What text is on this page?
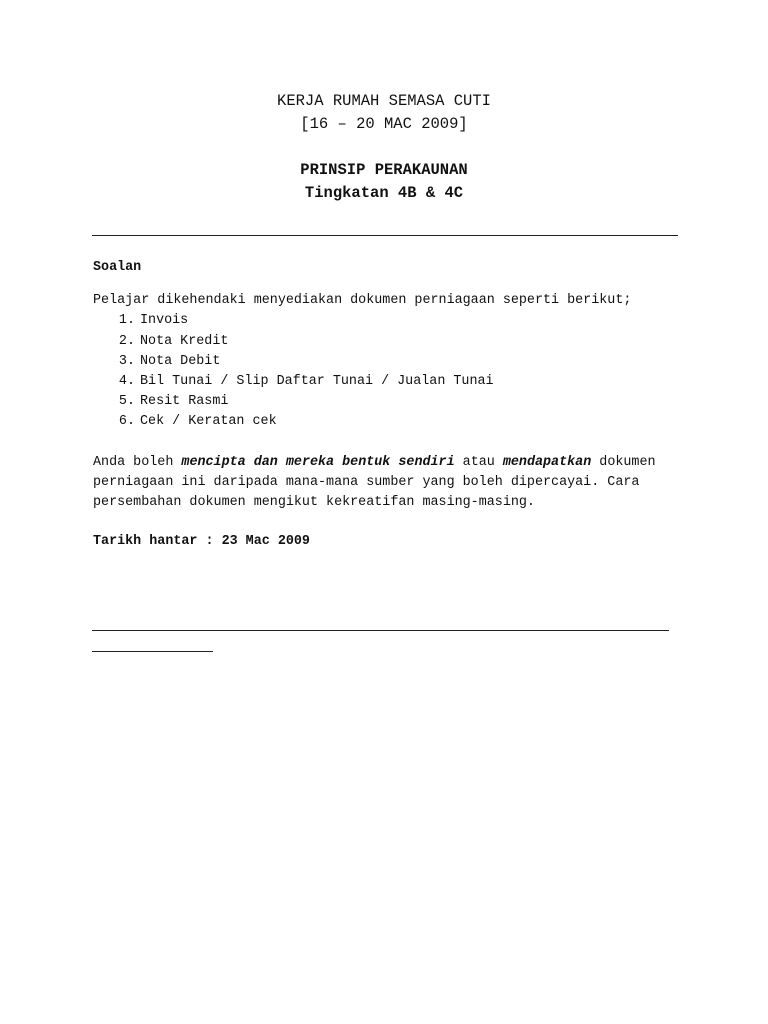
KERJA RUMAH SEMASA CUTI
[16 – 20 MAC 2009]
PRINSIP PERAKAUNAN
Tingkatan 4B & 4C
Soalan

Pelajar dikehendaki menyediakan dokumen perniagaan seperti berikut;

1. Invois
2. Nota Kredit
3. Nota Debit
4. Bil Tunai / Slip Daftar Tunai / Jualan Tunai
5. Resit Rasmi
6. Cek / Keratan cek

Anda boleh mencipta dan mereka bentuk sendiri atau mendapatkan dokumen perniagaan ini daripada mana-mana sumber yang boleh dipercayai. Cara persembahan dokumen mengikut kekreatifan masing-masing.

Tarikh hantar : 23 Mac 2009
